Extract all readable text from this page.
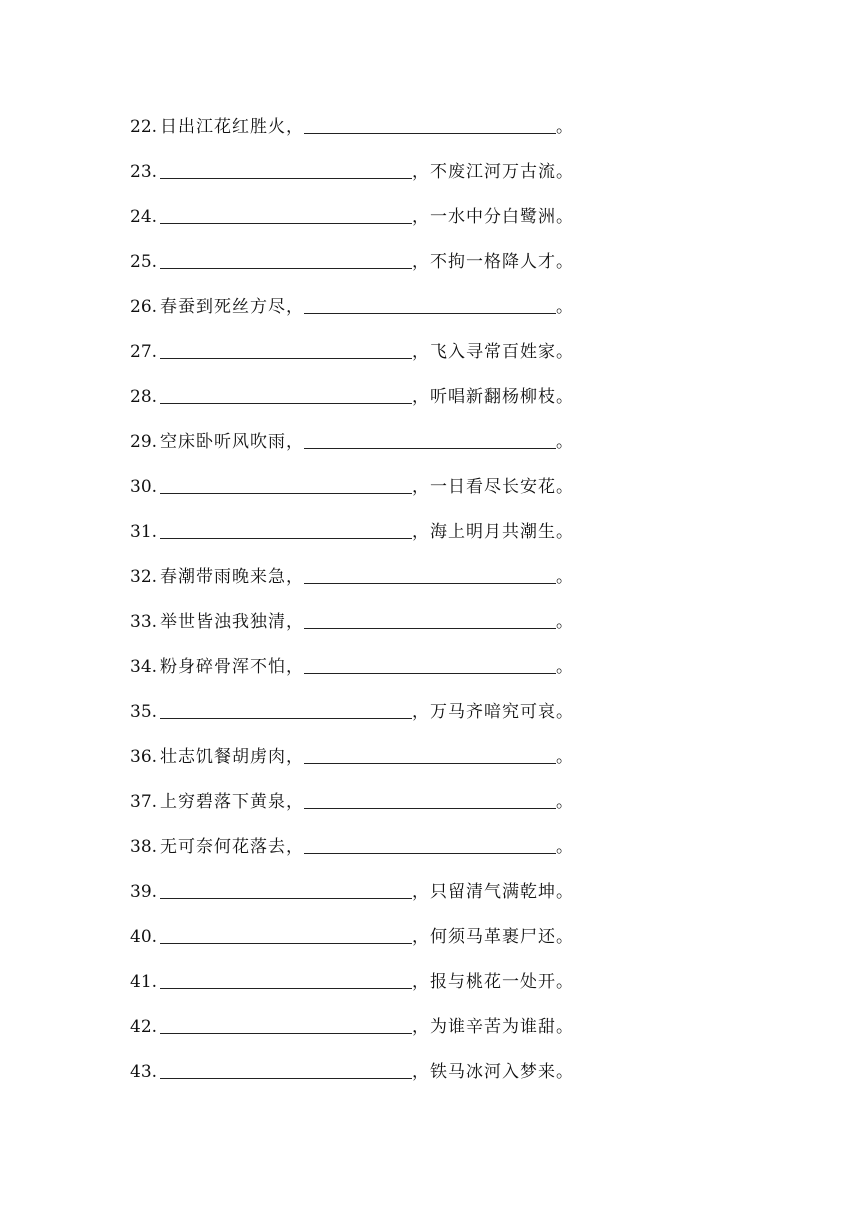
22. 日出江花红胜火，	。
23.	，不废江河万古流。
24.	，一水中分白鹭洲。
25.	，不拘一格降人才。
26. 春蚕到死丝方尽，	。
27.	，飞入寻常百姓家。
28.	，听唱新翻杨柳枝。
29. 空床卧听风吹雨，	。
30.	，一日看尽长安花。
31.	，海上明月共潮生。
32. 春潮带雨晚来急，	。
33. 举世皆浊我独清，	。
34. 粉身碎骨浑不怕，	。
35.	，万马齐喑究可哀。
36. 壮志饥餐胡虏肉，	。
37. 上穷碧落下黄泉，	。
38. 无可奈何花落去，	。
39.	，只留清气满乾坤。
40.	，何须马革裹尸还。
41.	，报与桃花一处开。
42.	，为谁辛苦为谁甜。
43.	，铁马冰河入梦来。
